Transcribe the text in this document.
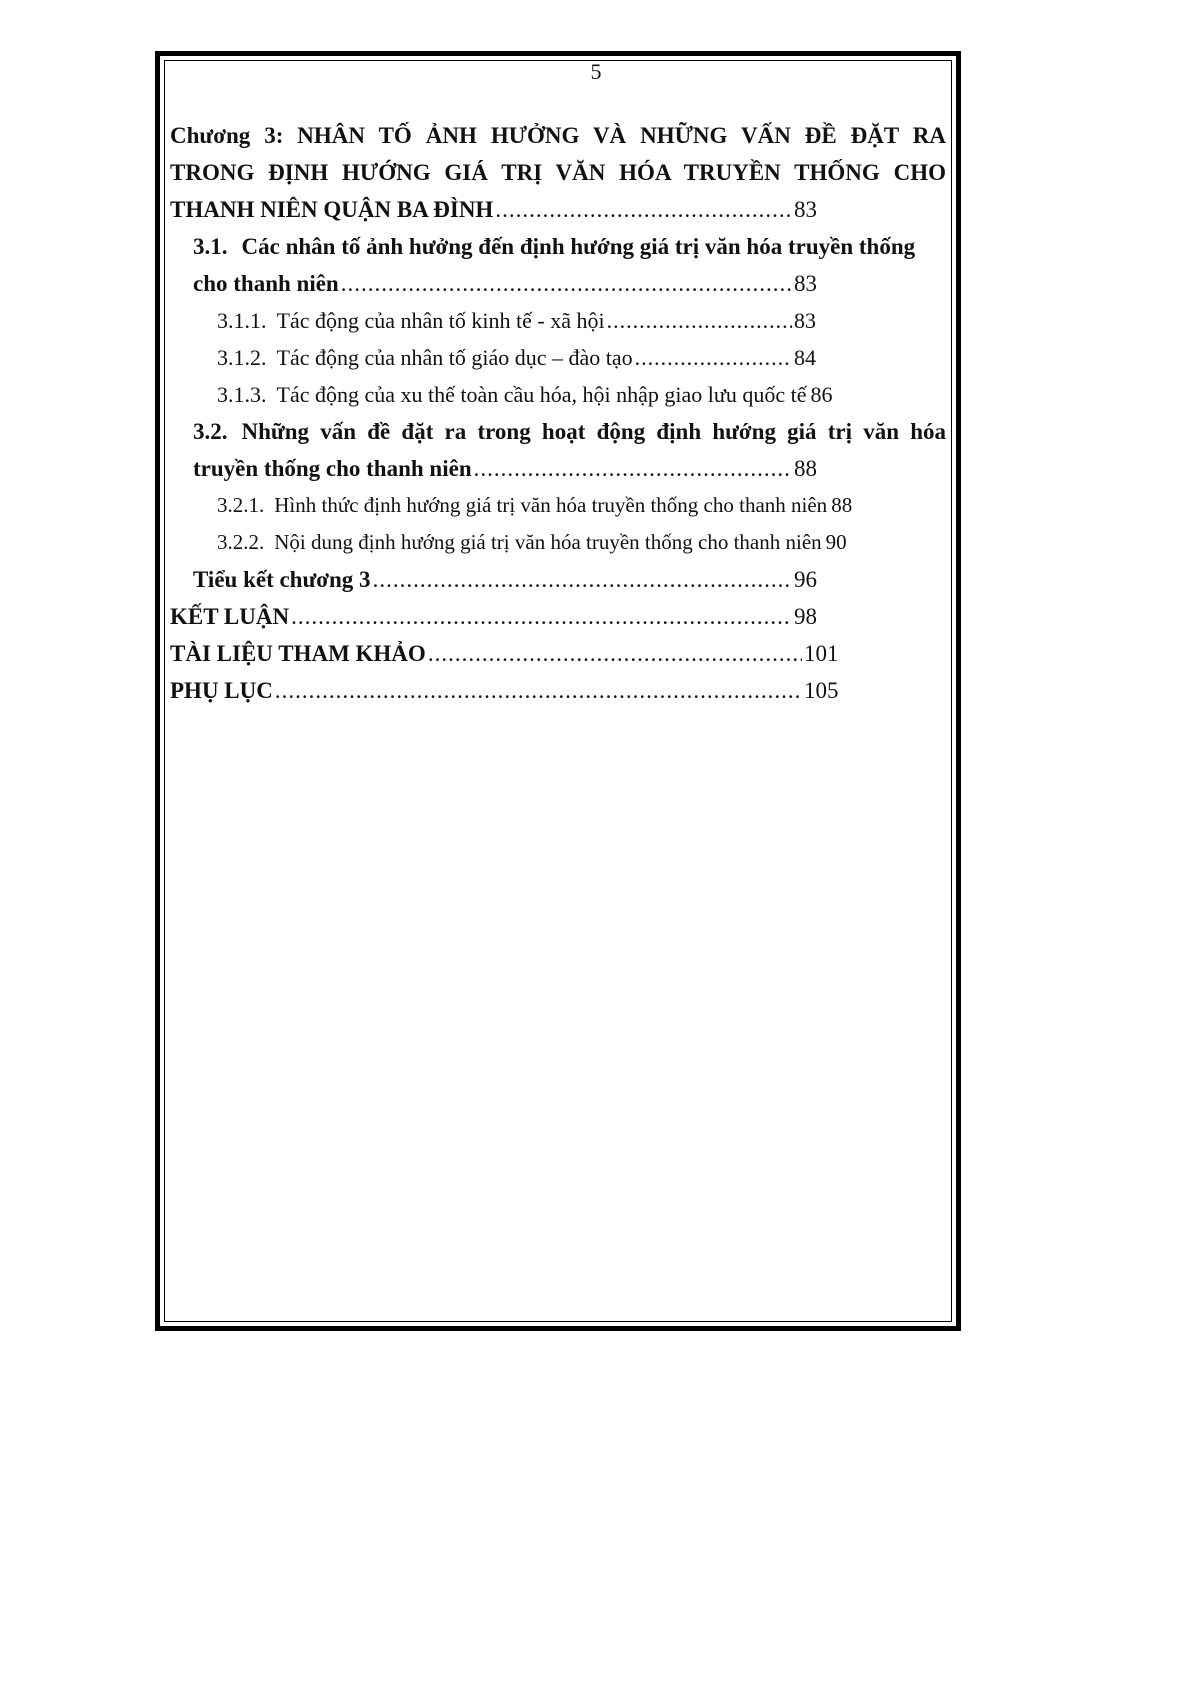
5
Chương 3: NHÂN TỐ ẢNH HƯỞNG VÀ NHỮNG VẤN ĐỀ ĐẶT RA
TRONG ĐỊNH HƯỚNG GIÁ TRỊ VĂN HÓA TRUYỀN THỐNG CHO
THANH NIÊN QUẬN BA ĐÌNH .....	83
3.1. Các nhân tố ảnh hưởng đến định hướng giá trị văn hóa truyền thống
cho thanh niên .....	83
3.1.1. Tác động của nhân tố kinh tế - xã hội .....	83
3.1.2. Tác động của nhân tố giáo dục – đào tạo .....	84
3.1.3. Tác động của xu thế toàn cầu hóa, hội nhập giao lưu quốc tế 86
3.2. Những vấn đề đặt ra trong hoạt động định hướng giá trị văn hóa
truyền thống cho thanh niên .....	88
3.2.1. Hình thức định hướng giá trị văn hóa truyền thống cho thanh niên 88
3.2.2. Nội dung định hướng giá trị văn hóa truyền thống cho thanh niên 90
Tiểu kết chương 3 .....	96
KẾT LUẬN .....	98
TÀI LIỆU THAM KHẢO .....	101
PHỤ LỤC .....	105
